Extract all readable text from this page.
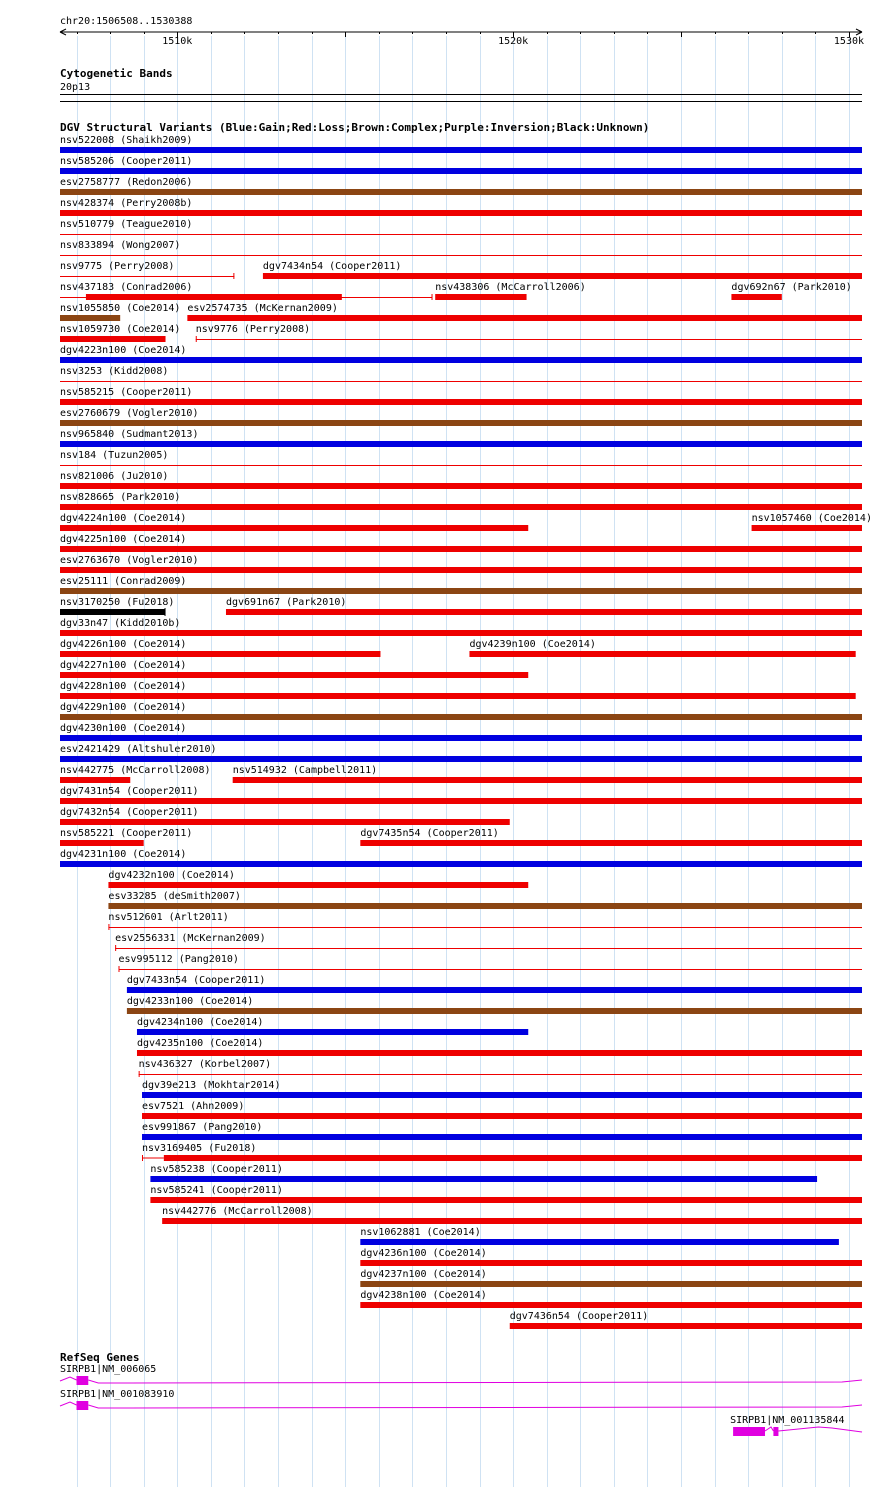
chr20:1506508..1530388
1510k	1520k	1530k
Cytogenetic Bands
20p13
DGV Structural Variants (Blue:Gain;Red:Loss;Brown:Complex;Purple:Inversion;Black:Unknown)
nsv522008 (Shaikh2009)
nsv585206 (Cooper2011)
esv2758777 (Redon2006)
nsv428374 (Perry2008b)
nsv510779 (Teague2010)
nsv833894 (Wong2007)
nsv9775 (Perry2008)	dgv7434n54 (Cooper2011)
nsv437183 (Conrad2006)	nsv438306 (McCarroll2006)	dgv692n67 (Park2010)
nsv1055850 (Coe2014) esv2574735 (McKernan2009)
nsv1059730 (Coe2014) nsv9776 (Perry2008)
dgv4223n100 (Coe2014)
nsv3253 (Kidd2008)
nsv585215 (Cooper2011)
esv2760679 (Vogler2010)
nsv965840 (Sudmant2013)
nsv184 (Tuzun2005)
nsv821006 (Ju2010)
nsv828665 (Park2010)
dgv4224n100 (Coe2014)	nsv1057460 (Coe2014)
dgv4225n100 (Coe2014)
esv2763670 (Vogler2010)
esv25111 (Conrad2009)
nsv3170250 (Fu2018)	dgv691n67 (Park2010)
dgv33n47 (Kidd2010b)
dgv4226n100 (Coe2014)	dgv4239n100 (Coe2014)
dgv4227n100 (Coe2014)
dgv4228n100 (Coe2014)
dgv4229n100 (Coe2014)
dgv4230n100 (Coe2014)
esv2421429 (Altshuler2010)
nsv442775 (McCarroll2008) nsv514932 (Campbell2011)
dgv7431n54 (Cooper2011)
dgv7432n54 (Cooper2011)
nsv585221 (Cooper2011)	dgv7435n54 (Cooper2011)
dgv4231n100 (Coe2014)
dgv4232n100 (Coe2014)
esv33285 (deSmith2007)
nsv512601 (Arlt2011)
esv2556331 (McKernan2009)
esv995112 (Pang2010)
dgv7433n54 (Cooper2011)
dgv4233n100 (Coe2014)
dgv4234n100 (Coe2014)
dgv4235n100 (Coe2014)
nsv436327 (Korbel2007)
dgv39e213 (Mokhtar2014)
esv7521 (Ahn2009)
esv991867 (Pang2010)
nsv3169405 (Fu2018)
nsv585238 (Cooper2011)
nsv585241 (Cooper2011)
nsv442776 (McCarroll2008)
nsv1062881 (Coe2014)
dgv4236n100 (Coe2014)
dgv4237n100 (Coe2014)
dgv4238n100 (Coe2014)
dgv7436n54 (Cooper2011)
RefSeq Genes
SIRPB1|NM_006065
SIRPB1|NM_001083910
SIRPB1|NM_001135844
